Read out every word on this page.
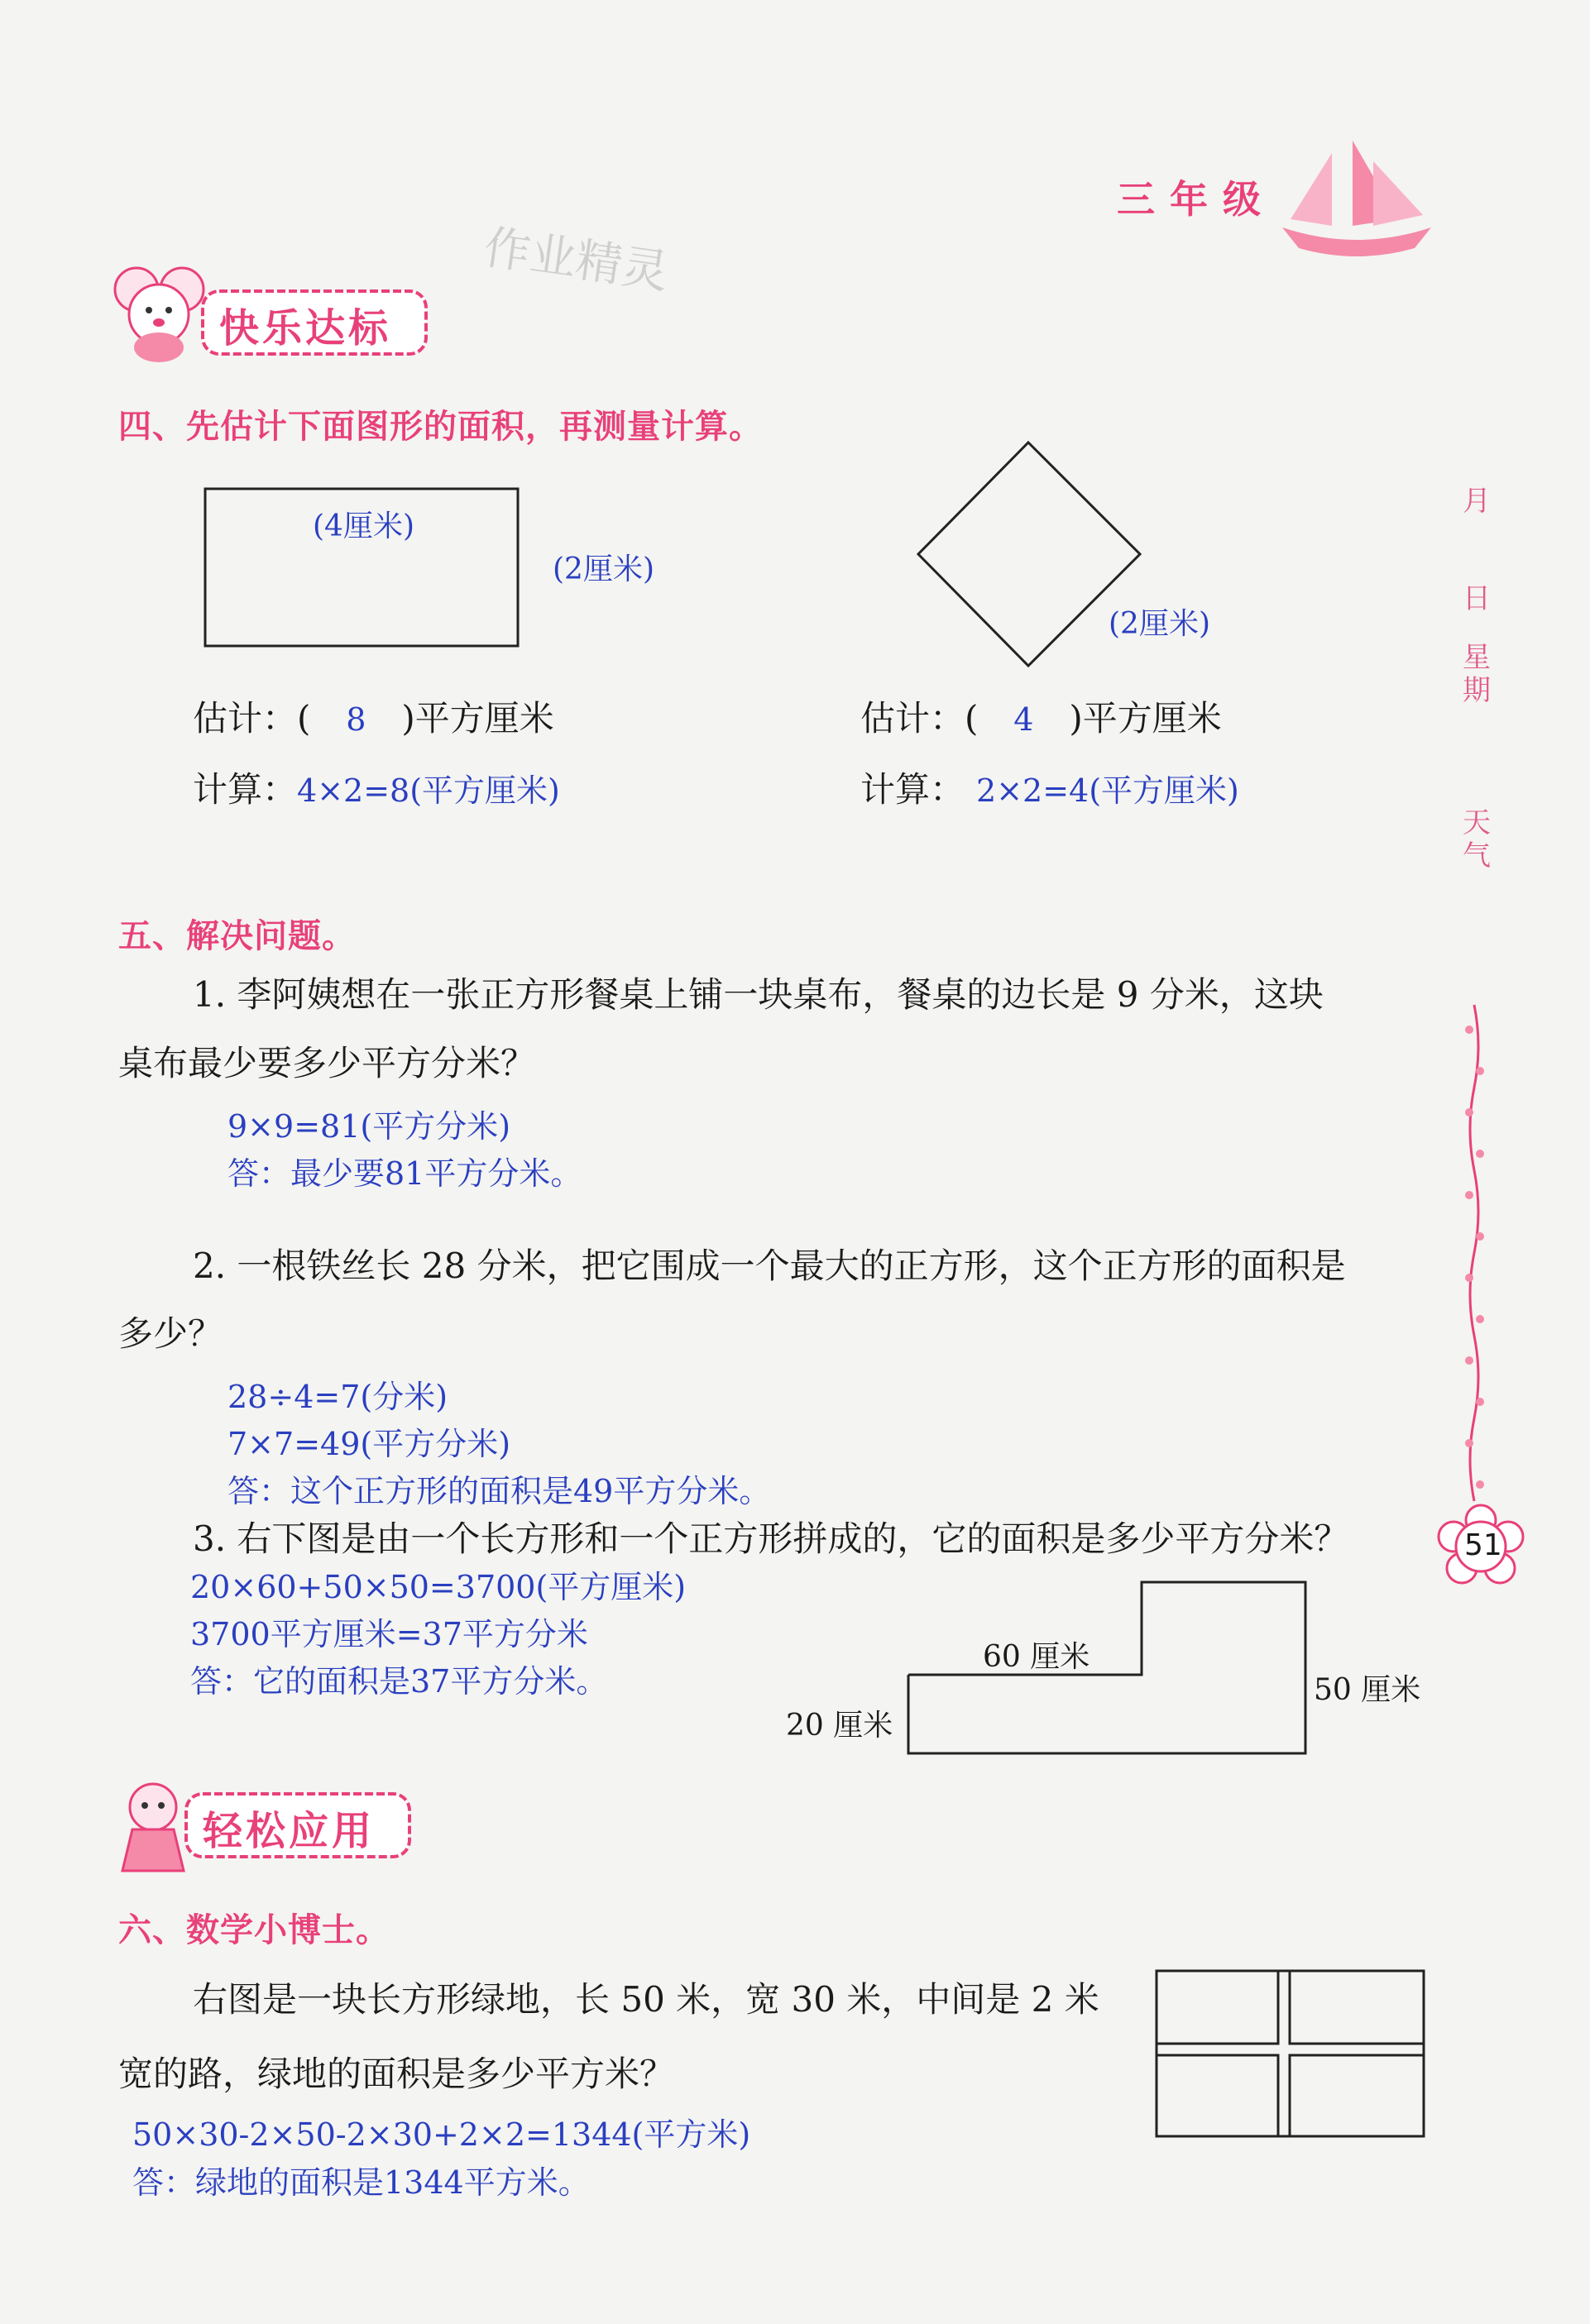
三年级
作业精灵
快乐达标
四、先估计下面图形的面积，再测量计算。
(4厘米)
(2厘米)
(2厘米)
估计：( 8 )平方厘米	估计：( 4 )平方厘米
计算：4×2=8(平方厘米)	计算： 2×2=4(平方厘米)
五、解决问题。
1. 李阿姨想在一张正方形餐桌上铺一块桌布，餐桌的边长是 9 分米，这块
桌布最少要多少平方分米？
9×9=81(平方分米)
答：最少要81平方分米。
2. 一根铁丝长 28 分米，把它围成一个最大的正方形，这个正方形的面积是
多少？
28÷4=7(分米)
7×7=49(平方分米)
答：这个正方形的面积是49平方分米。
3. 右下图是由一个长方形和一个正方形拼成的，它的面积是多少平方分米？
20×60+50×50=3700(平方厘米)
3700平方厘米=37平方分米
答：它的面积是37平方分米。
60 厘米
50 厘米
20 厘米
轻松应用
六、数学小博士。
右图是一块长方形绿地，长 50 米，宽 30 米，中间是 2 米
宽的路，绿地的面积是多少平方米？
50×30-2×50-2×30+2×2=1344(平方米)
答：绿地的面积是1344平方米。
月
日
星期
天气
51
